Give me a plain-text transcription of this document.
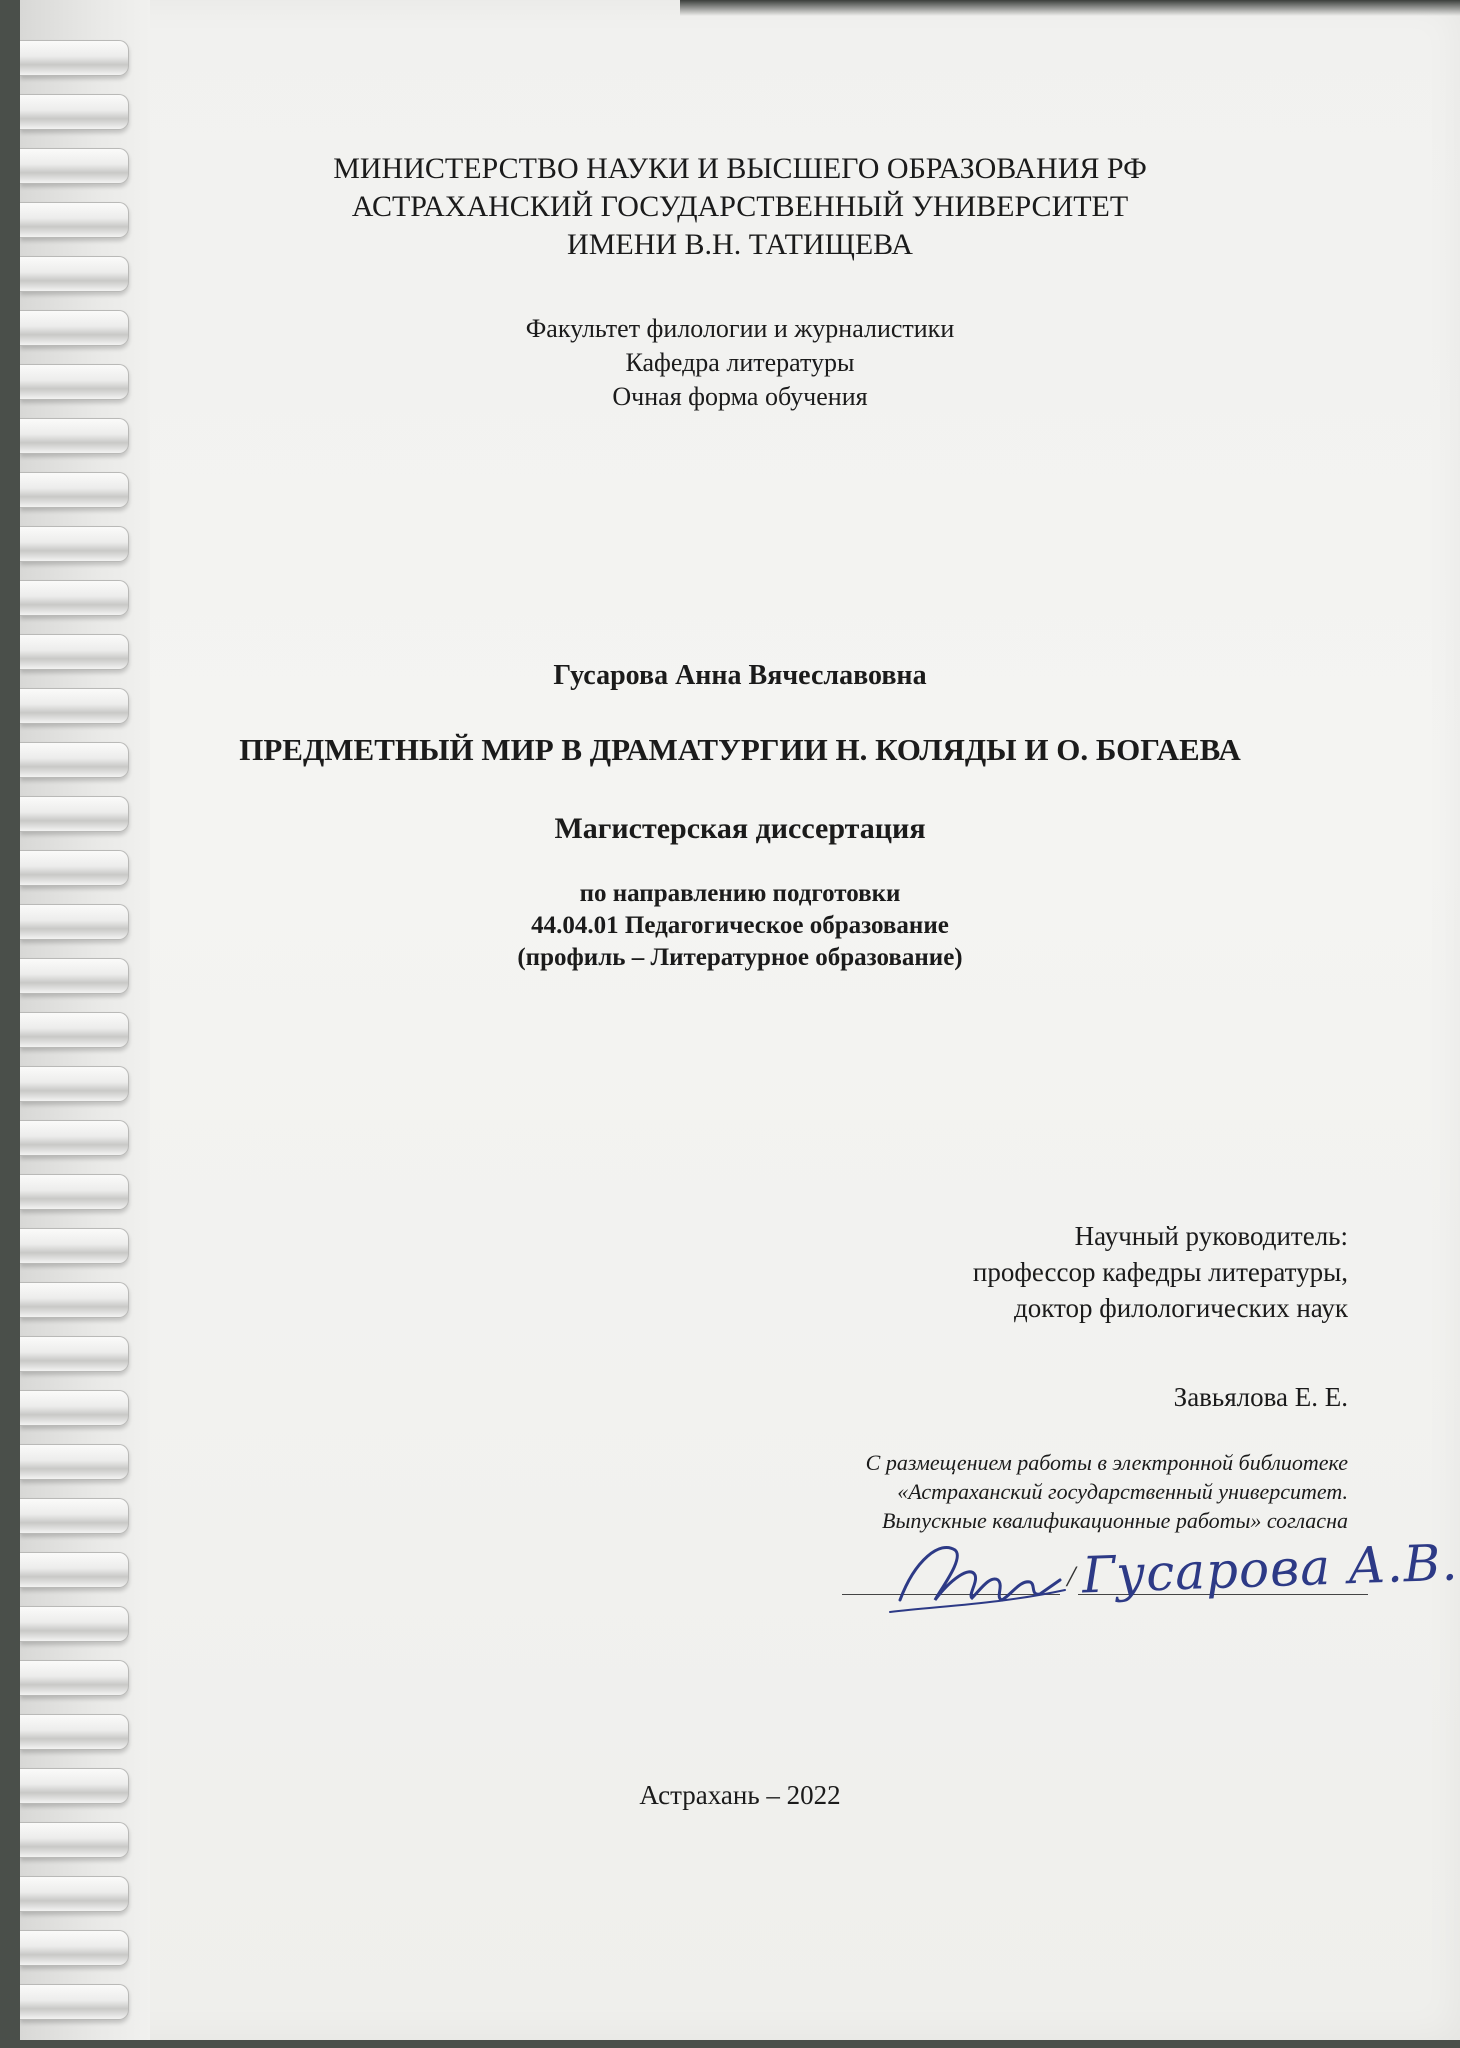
МИНИСТЕРСТВО НАУКИ И ВЫСШЕГО ОБРАЗОВАНИЯ РФ
АСТРАХАНСКИЙ ГОСУДАРСТВЕННЫЙ УНИВЕРСИТЕТ
ИМЕНИ В.Н. ТАТИЩЕВА
Факультет филологии и журналистики
Кафедра литературы
Очная форма обучения
Гусарова Анна Вячеславовна
ПРЕДМЕТНЫЙ МИР В ДРАМАТУРГИИ Н. КОЛЯДЫ И О. БОГАЕВА
Магистерская диссертация
по направлению подготовки
44.04.01 Педагогическое образование
(профиль – Литературное образование)
Научный руководитель:
профессор кафедры литературы,
доктор филологических наук
Завьялова Е. Е.
С размещением работы в электронной библиотеке
«Астраханский государственный университет.
Выпускные квалификационные работы» согласна
/ Гусарова А.В.
Астрахань – 2022
